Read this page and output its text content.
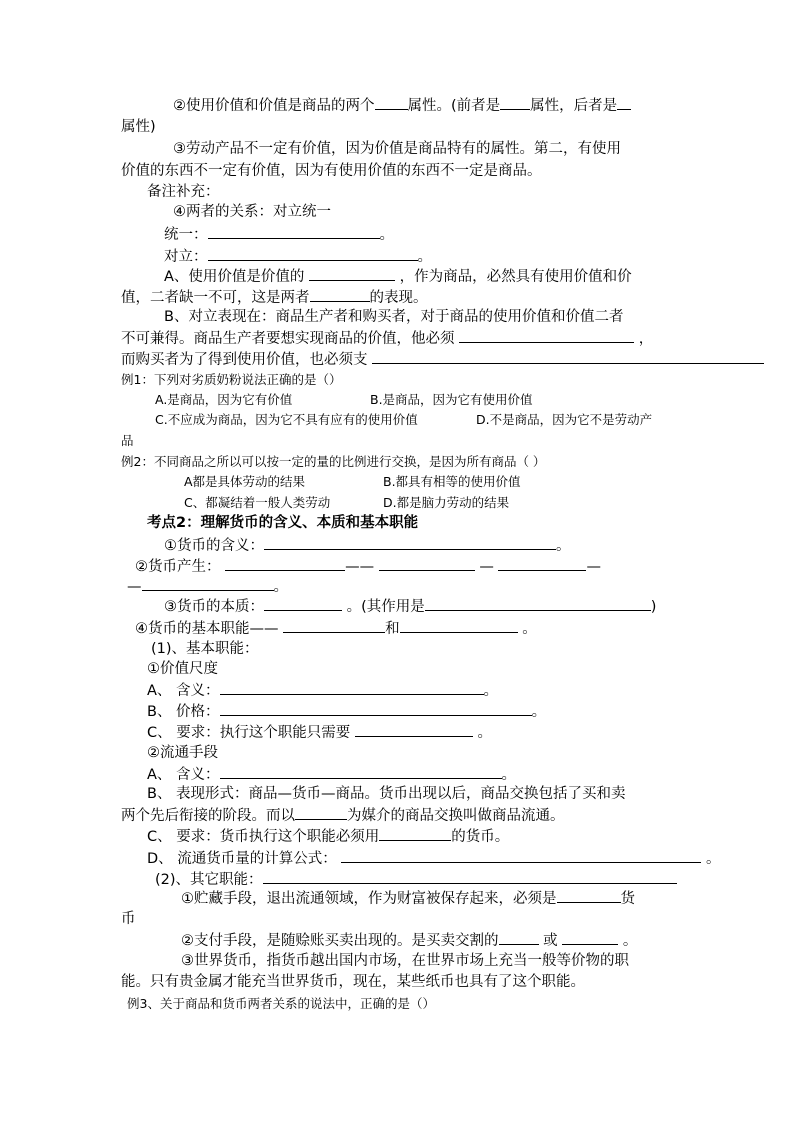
②使用价值和价值是商品的两个 属性。(前者是 属性，后者是
属性)
③劳动产品不一定有价值，因为价值是商品特有的属性。第二，有使用
价值的东西不一定有价值，因为有使用价值的东西不一定是商品。
备注补充：
④两者的关系：对立统一
统一：	。
对立：	。
A、使用价值是价值的	，作为商品，必然具有使用价值和价
值，二者缺一不可，这是两者	的表现。
B、对立表现在：商品生产者和购买者，对于商品的使用价值和价值二者
不可兼得。商品生产者要想实现商品的价值，他必须	，
而购买者为了得到使用价值，也必须支
例1：下列对劣质奶粉说法正确的是（）
A.是商品，因为它有价值	B.是商品，因为它有使用价值
C.不应成为商品，因为它不具有应有的使用价值	D.不是商品，因为它不是劳动产
品
例2：不同商品之所以可以按一定的量的比例进行交换，是因为所有商品（ ）
A都是具体劳动的结果	B.都具有相等的使用价值
C、都凝结着一般人类劳动	D.都是脑力劳动的结果
考点2：理解货币的含义、本质和基本职能
①货币的含义：	。
②货币产生：	——	—	—
—	。
③货币的本质：	。(其作用是	)
④货币的基本职能——	和	。
(1)、基本职能：
①价值尺度
A、 含义：	。
B、 价格：	。
C、 要求：执行这个职能只需要	。
②流通手段
A、 含义：	。
B、 表现形式：商品—货币—商品。货币出现以后，商品交换包括了买和卖
两个先后衔接的阶段。而以	为媒介的商品交换叫做商品流通。
C、 要求：货币执行这个职能必须用	的货币。
D、 流通货币量的计算公式：	。
(2)、其它职能：
①贮藏手段，退出流通领域，作为财富被保存起来，必须是	货
币
②支付手段，是随赊账买卖出现的。是买卖交割的	或	。
③世界货币，指货币越出国内市场，在世界市场上充当一般等价物的职
能。只有贵金属才能充当世界货币，现在，某些纸币也具有了这个职能。
例3、关于商品和货币两者关系的说法中，正确的是（）
